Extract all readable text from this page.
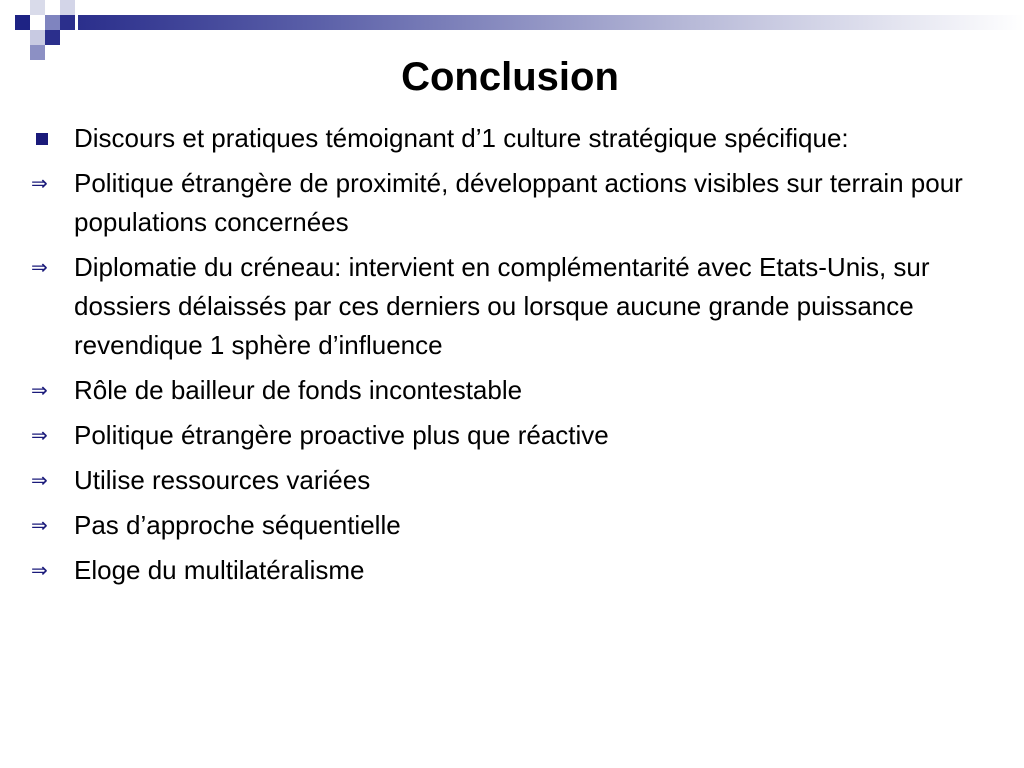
Conclusion
Discours et pratiques témoignant d’1 culture stratégique spécifique:
⇒ Politique étrangère de proximité, développant actions visibles sur terrain pour populations concernées
⇒ Diplomatie du créneau: intervient en complémentarité avec Etats-Unis, sur dossiers délaissés par ces derniers ou lorsque aucune grande puissance revendique 1 sphère d’influence
⇒ Rôle de bailleur de fonds incontestable
⇒ Politique étrangère proactive plus que réactive
⇒ Utilise ressources variées
⇒ Pas d’approche séquentielle
⇒ Eloge du multilatéralisme
